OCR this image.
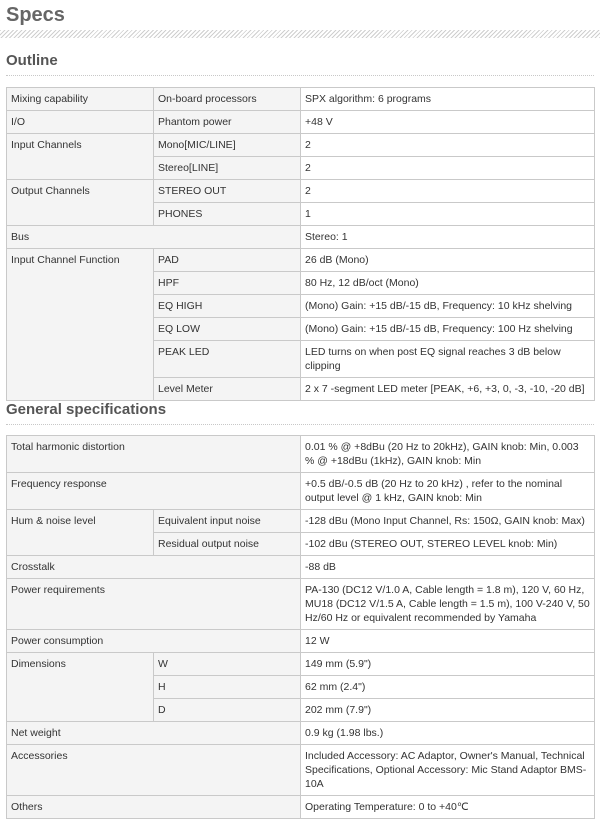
Specs
Outline
Mixing capability	On-board processors	SPX algorithm: 6 programs
I/O	Phantom power	+48 V
Input Channels	Mono[MIC/LINE]	2
	Stereo[LINE]	2
Output Channels	STEREO OUT	2
	PHONES	1
Bus		Stereo: 1
Input Channel Function	PAD	26 dB (Mono)
	HPF	80 Hz, 12 dB/oct (Mono)
	EQ HIGH	(Mono) Gain: +15 dB/-15 dB, Frequency: 10 kHz shelving
	EQ LOW	(Mono) Gain: +15 dB/-15 dB, Frequency: 100 Hz shelving
	PEAK LED	LED turns on when post EQ signal reaches 3 dB below clipping
	Level Meter	2 x 7 -segment LED meter [PEAK, +6, +3, 0, -3, -10, -20 dB]
General specifications
Total harmonic distortion		0.01 % @ +8dBu (20 Hz to 20kHz), GAIN knob: Min, 0.003 % @ +18dBu (1kHz), GAIN knob: Min
Frequency response		+0.5 dB/-0.5 dB (20 Hz to 20 kHz) , refer to the nominal output level @ 1 kHz, GAIN knob: Min
Hum & noise level	Equivalent input noise	-128 dBu (Mono Input Channel, Rs: 150Ω, GAIN knob: Max)
	Residual output noise	-102 dBu (STEREO OUT, STEREO LEVEL knob: Min)
Crosstalk		-88 dB
Power requirements		PA-130 (DC12 V/1.0 A, Cable length = 1.8 m), 120 V, 60 Hz, MU18 (DC12 V/1.5 A, Cable length = 1.5 m), 100 V-240 V, 50 Hz/60 Hz or equivalent recommended by Yamaha
Power consumption		12 W
Dimensions	W	149 mm (5.9")
	H	62 mm (2.4")
	D	202 mm (7.9")
Net weight		0.9 kg (1.98 lbs.)
Accessories		Included Accessory: AC Adaptor, Owner's Manual, Technical Specifications, Optional Accessory: Mic Stand Adaptor BMS-10A
Others		Operating Temperature: 0 to +40℃
